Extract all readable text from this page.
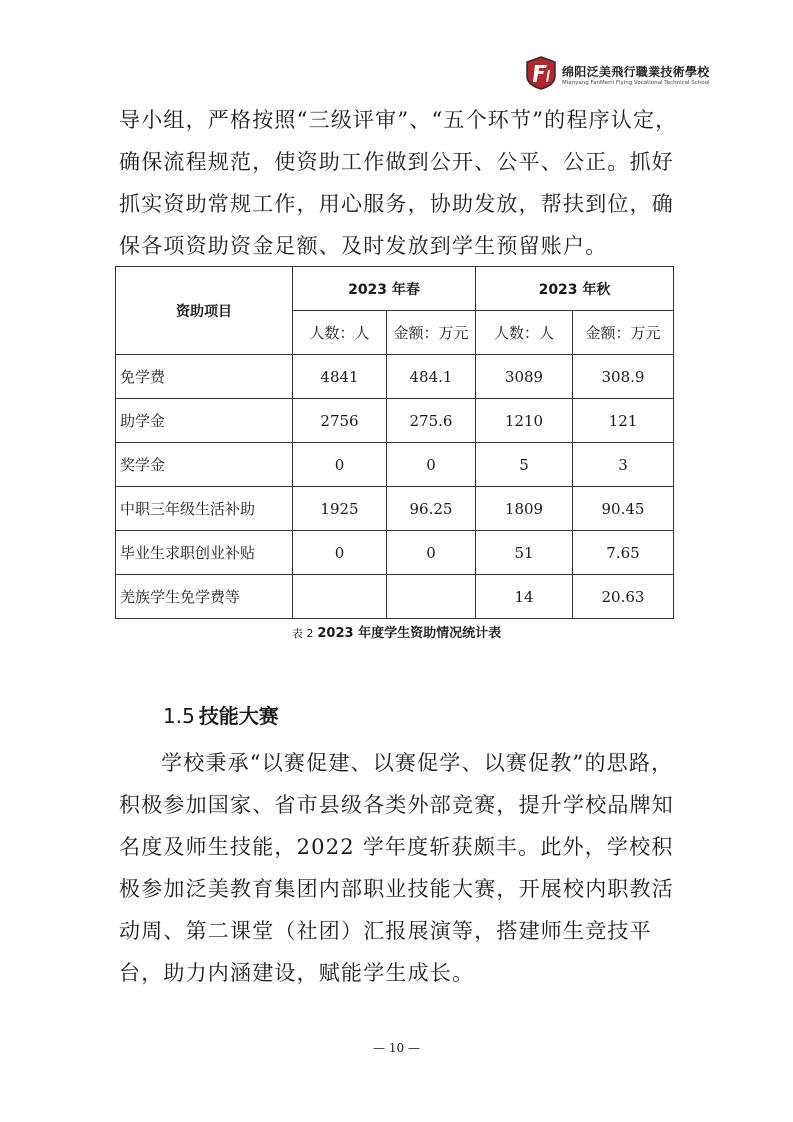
绵阳泛美飛行職業技術學校
Mianyang FanMerri Flying Vocational Technical School
导小组，严格按照“三级评审”、“五个环节”的程序认定，确保流程规范，使资助工作做到公开、公平、公正。抓好抓实资助常规工作，用心服务，协助发放，帮扶到位，确保各项资助资金足额、及时发放到学生预留账户。
资助项目	2023 年春		2023 年秋	
	人数：人	金额：万元	人数：人	金额：万元
免学费	4841	484.1	3089	308.9
助学金	2756	275.6	1210	121
奖学金	0	0	5	3
中职三年级生活补助	1925	96.25	1809	90.45
毕业生求职创业补贴	0	0	51	7.65
羌族学生免学费等			14	20.63
表 2 2023 年度学生资助情况统计表
1.5 技能大赛
学校秉承“以赛促建、以赛促学、以赛促教”的思路，积极参加国家、省市县级各类外部竞赛，提升学校品牌知名度及师生技能，2022 学年度斩获颇丰。此外，学校积极参加泛美教育集团内部职业技能大赛，开展校内职教活动周、第二课堂（社团）汇报展演等，搭建师生竞技平台，助力内涵建设，赋能学生成长。
— 10 —
